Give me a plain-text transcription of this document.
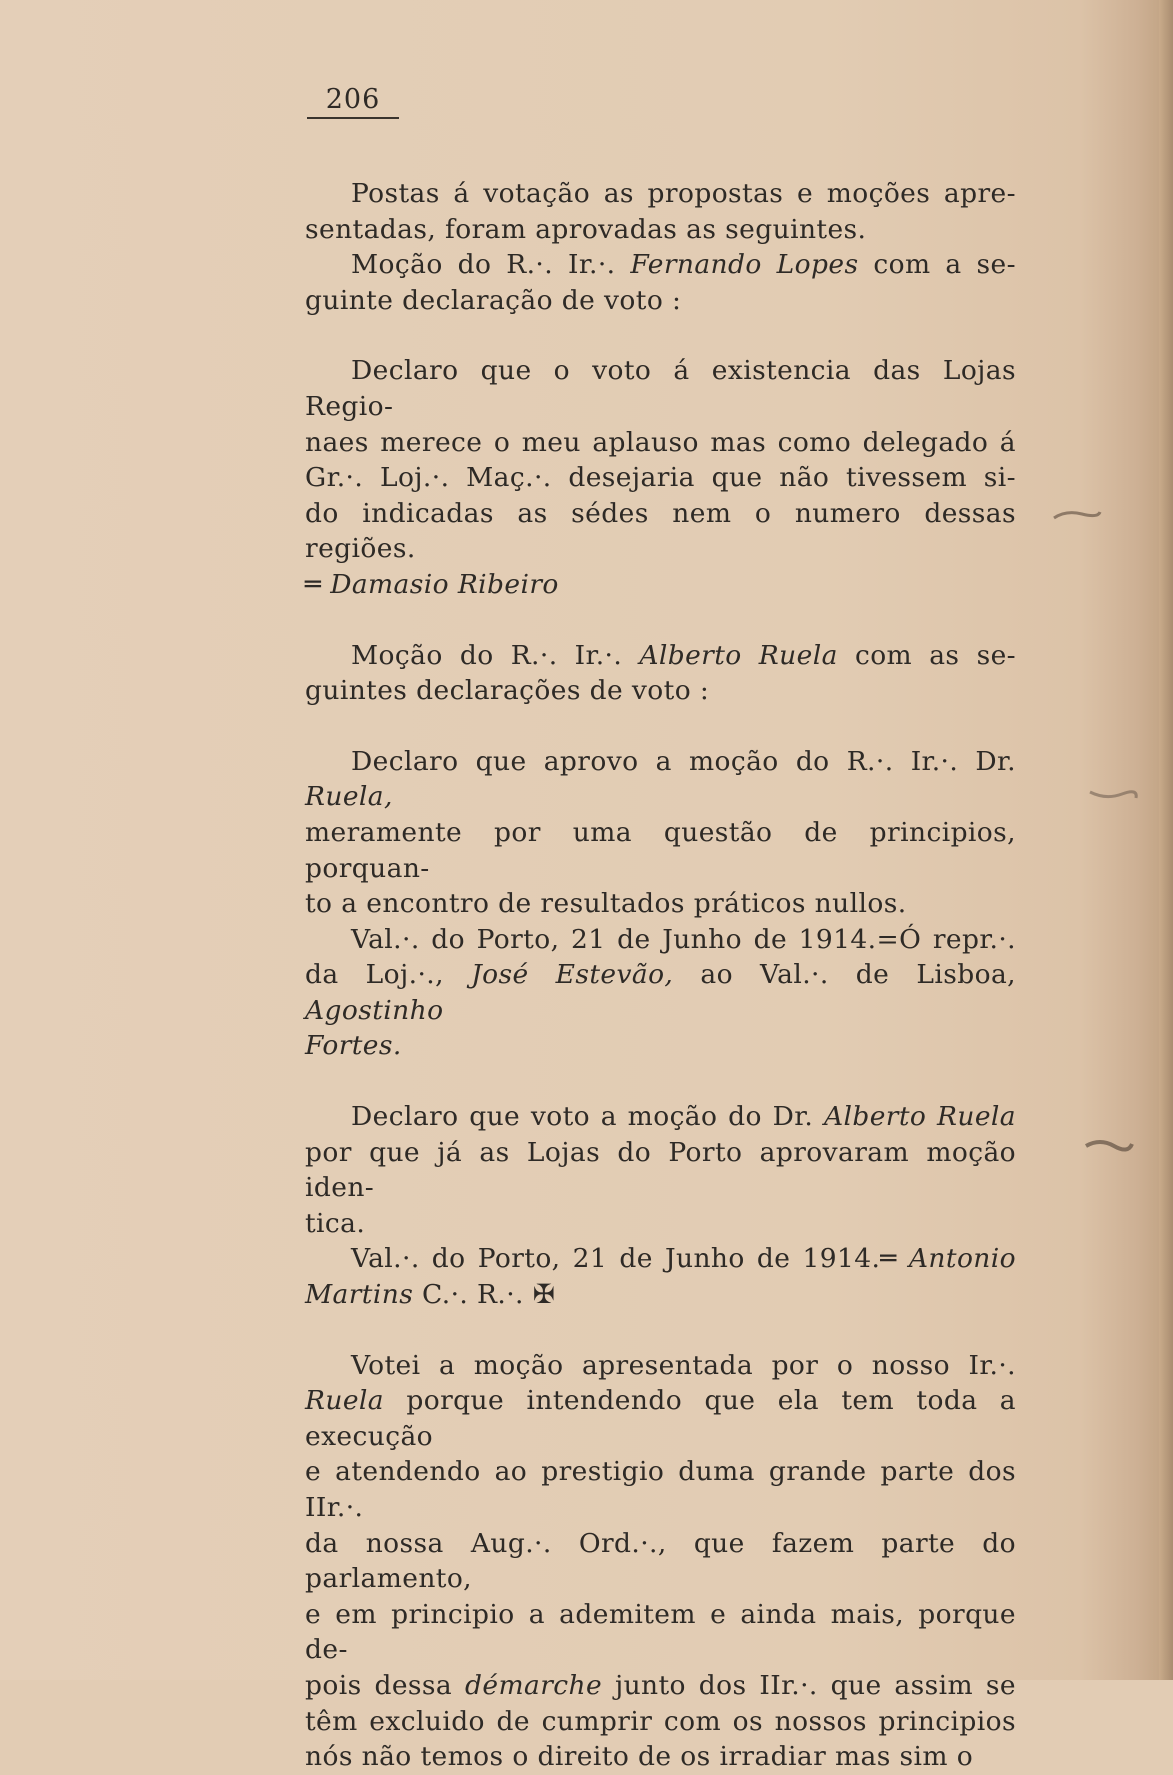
206
Postas á votação as propostas e moções apre-
sentadas, foram aprovadas as seguintes.
Moção do R.·. Ir.·. Fernando Lopes com a se-
guinte declaração de voto :
Declaro que o voto á existencia das Lojas Regio-
naes merece o meu aplauso mas como delegado á
Gr.·. Loj.·. Maç.·. desejaria que não tivessem si-
do indicadas as sédes nem o numero dessas regiões.
═ Damasio Ribeiro
Moção do R.·. Ir.·. Alberto Ruela com as se-
guintes declarações de voto :
Declaro que aprovo a moção do R.·. Ir.·. Dr. Ruela,
meramente por uma questão de principios, porquan-
to a encontro de resultados práticos nullos.
Val.·. do Porto, 21 de Junho de 1914.=Ó repr.·.
da Loj.·., José Estevão, ao Val.·. de Lisboa, Agostinho
Fortes.
Declaro que voto a moção do Dr. Alberto Ruela
por que já as Lojas do Porto aprovaram moção iden-
tica.
Val.·. do Porto, 21 de Junho de 1914.═ Antonio
Martins C.·. R.·. ✠
Votei a moção apresentada por o nosso Ir.·.
Ruela porque intendendo que ela tem toda a execução
e atendendo ao prestigio duma grande parte dos IIr.·.
da nossa Aug.·. Ord.·., que fazem parte do parlamento,
e em principio a ademitem e ainda mais, porque de-
pois dessa démarche junto dos IIr.·. que assim se
têm excluido de cumprir com os nossos principios
nós não temos o direito de os irradiar mas sim o
